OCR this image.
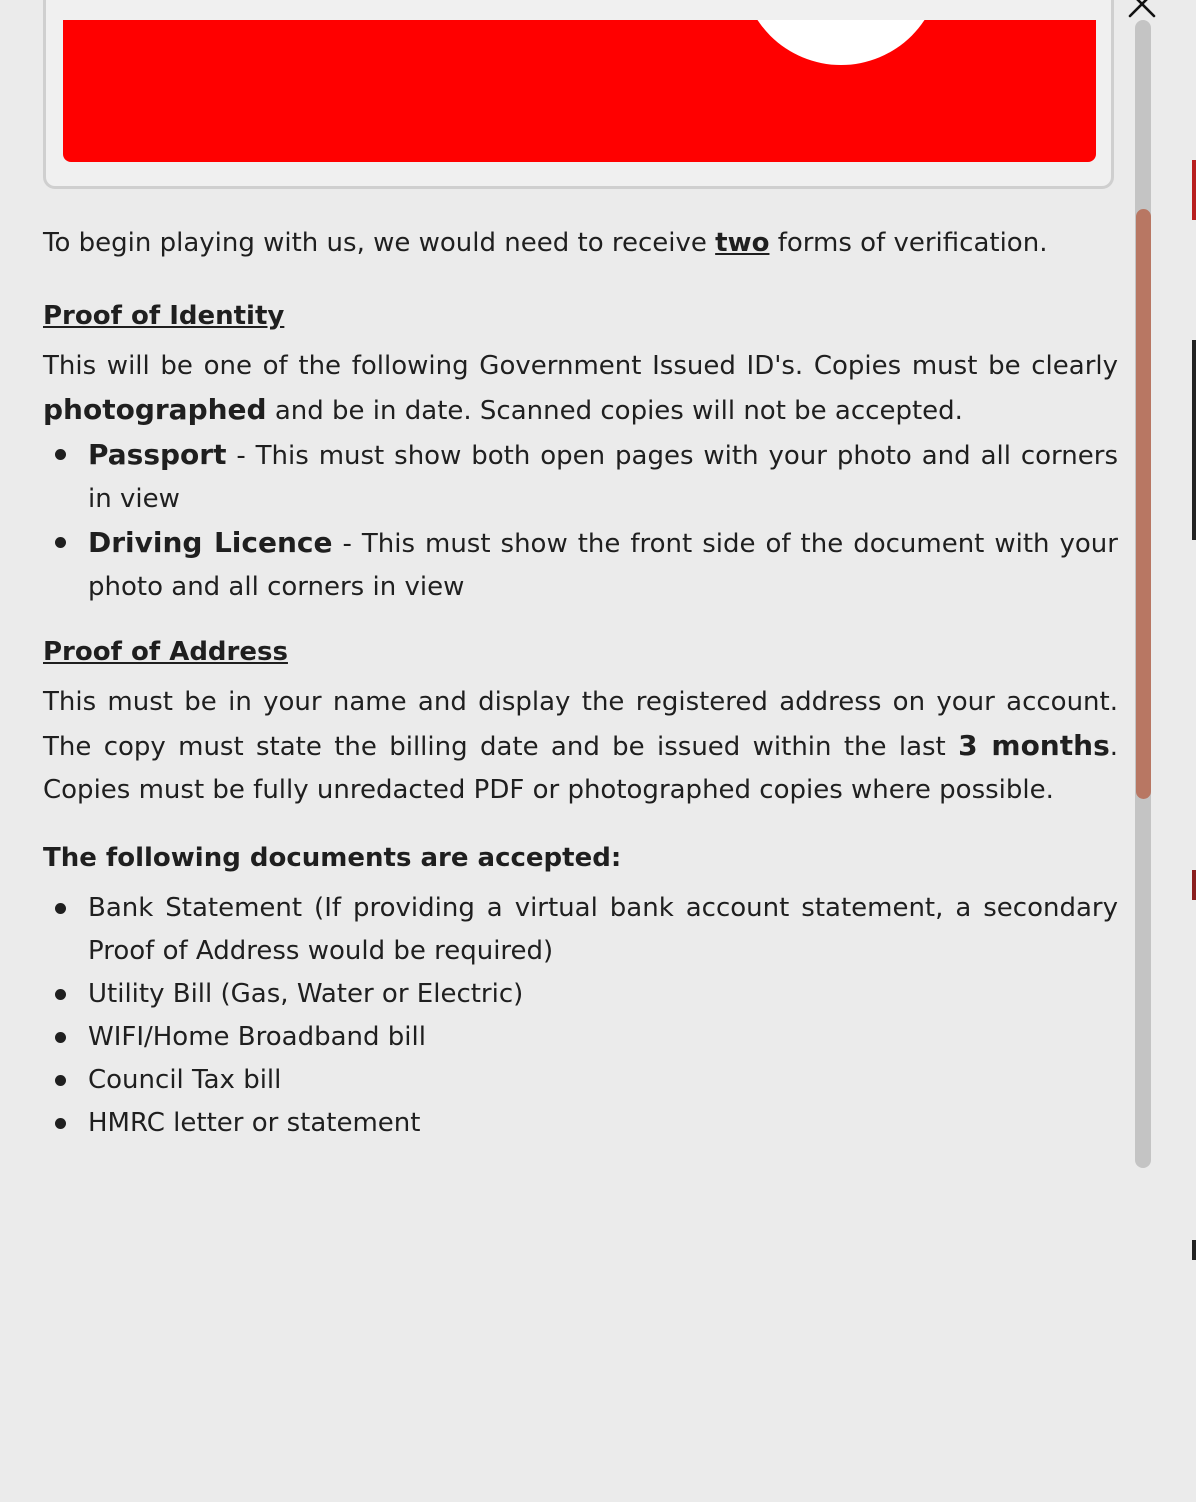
To begin playing with us, we would need to receive two forms of verification.

Proof of Identity

This will be one of the following Government Issued ID's. Copies must be clearly photographed and be in date. Scanned copies will not be accepted.

Passport - This must show both open pages with your photo and all corners in view
Driving Licence - This must show the front side of the document with your photo and all corners in view

Proof of Address

This must be in your name and display the registered address on your account. The copy must state the billing date and be issued within the last 3 months. Copies must be fully unredacted PDF or photographed copies where possible.

The following documents are accepted:

Bank Statement (If providing a virtual bank account statement, a secondary Proof of Address would be required)
Utility Bill (Gas, Water or Electric)
WIFI/Home Broadband bill
Council Tax bill
HMRC letter or statement
